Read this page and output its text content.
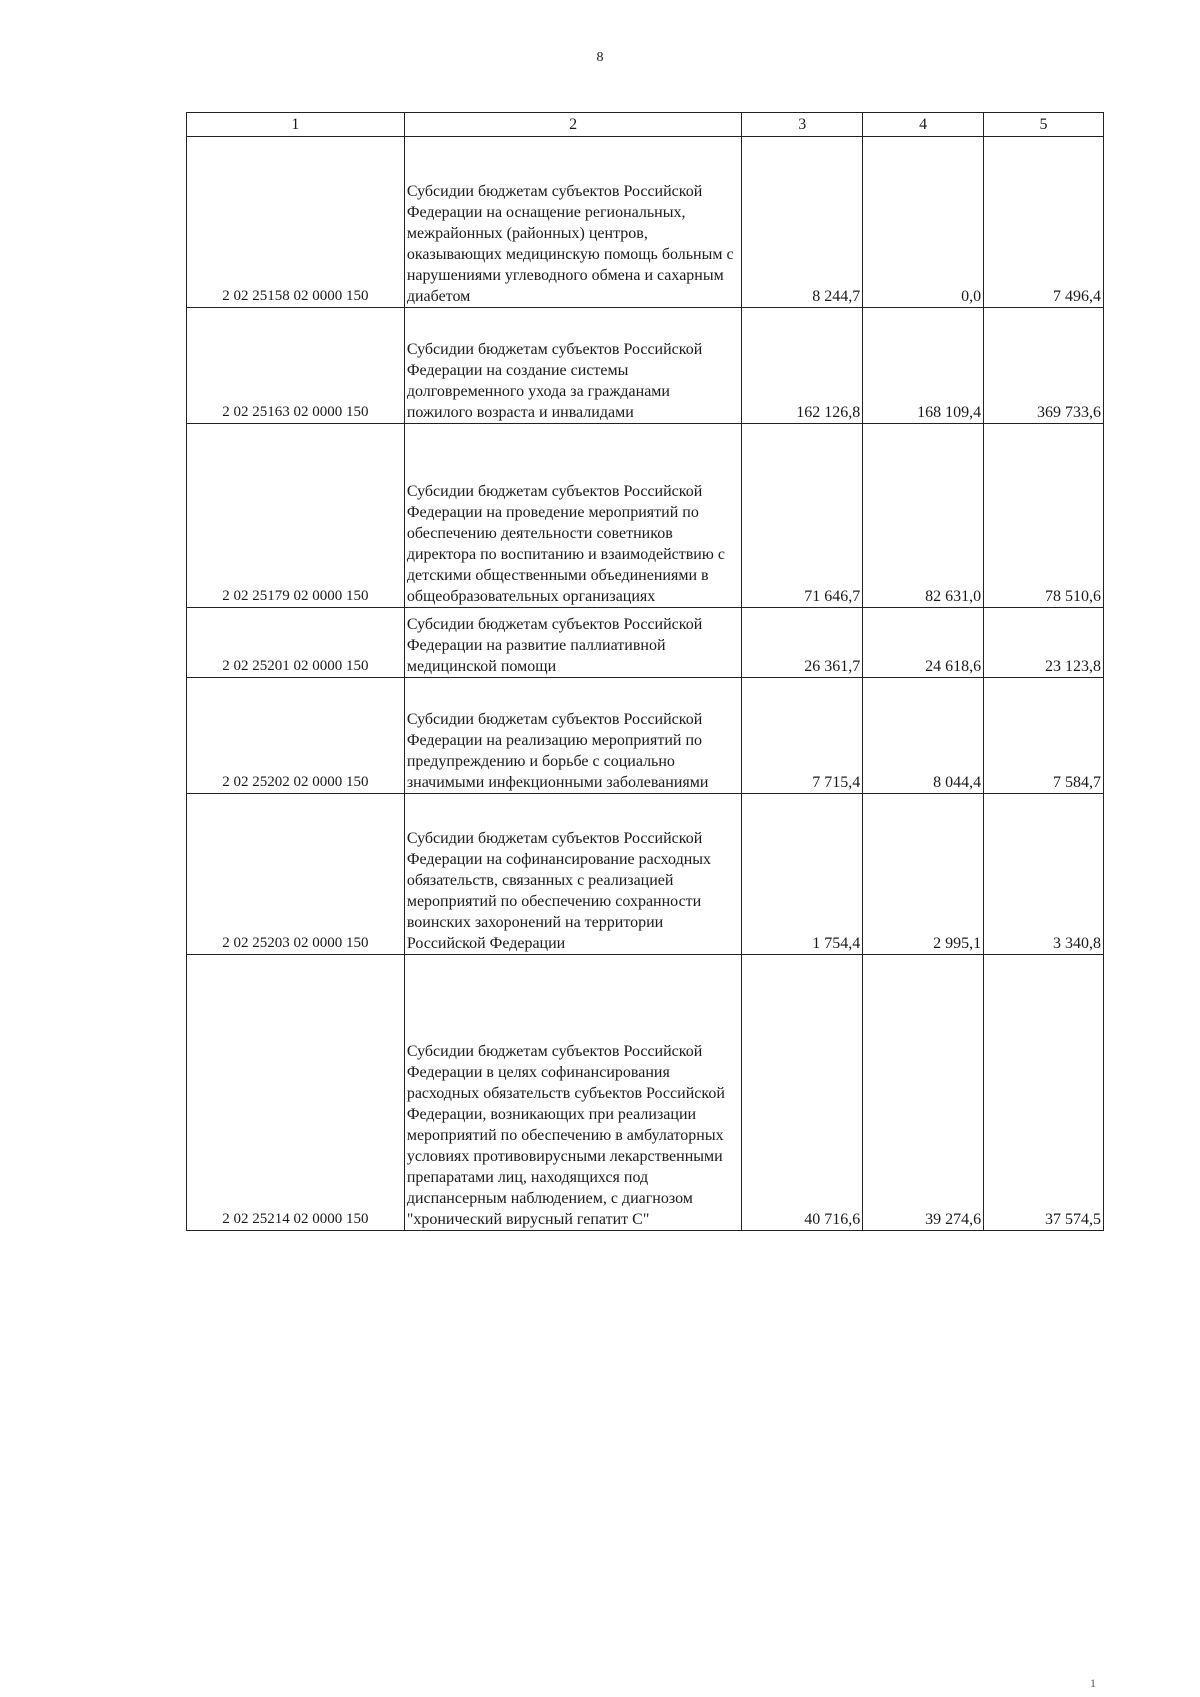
8
1	2	3	4	5
2 02 25158 02 0000 150	Субсидии бюджетам субъектов Российской Федерации на оснащение региональных, межрайонных (районных) центров, оказывающих медицинскую помощь больным с нарушениями углеводного обмена и сахарным диабетом	8 244,7	0,0	7 496,4
2 02 25163 02 0000 150	Субсидии бюджетам субъектов Российской Федерации на создание системы долговременного ухода за гражданами пожилого возраста и инвалидами	162 126,8	168 109,4	369 733,6
2 02 25179 02 0000 150	Субсидии бюджетам субъектов Российской Федерации на проведение мероприятий по обеспечению деятельности советников директора по воспитанию и взаимодействию с детскими общественными объединениями в общеобразовательных организациях	71 646,7	82 631,0	78 510,6
2 02 25201 02 0000 150	Субсидии бюджетам субъектов Российской Федерации на развитие паллиативной медицинской помощи	26 361,7	24 618,6	23 123,8
2 02 25202 02 0000 150	Субсидии бюджетам субъектов Российской Федерации на реализацию мероприятий по предупреждению и борьбе с социально значимыми инфекционными заболеваниями	7 715,4	8 044,4	7 584,7
2 02 25203 02 0000 150	Субсидии бюджетам субъектов Российской Федерации на софинансирование расходных обязательств, связанных с реализацией мероприятий по обеспечению сохранности воинских захоронений на территории Российской Федерации	1 754,4	2 995,1	3 340,8
2 02 25214 02 0000 150	Субсидии бюджетам субъектов Российской Федерации в целях софинансирования расходных обязательств субъектов Российской Федерации, возникающих при реализации мероприятий по обеспечению в амбулаторных условиях противовирусными лекарственными препаратами лиц, находящихся под диспансерным наблюдением, с диагнозом "хронический вирусный гепатит С"	40 716,6	39 274,6	37 574,5
1
